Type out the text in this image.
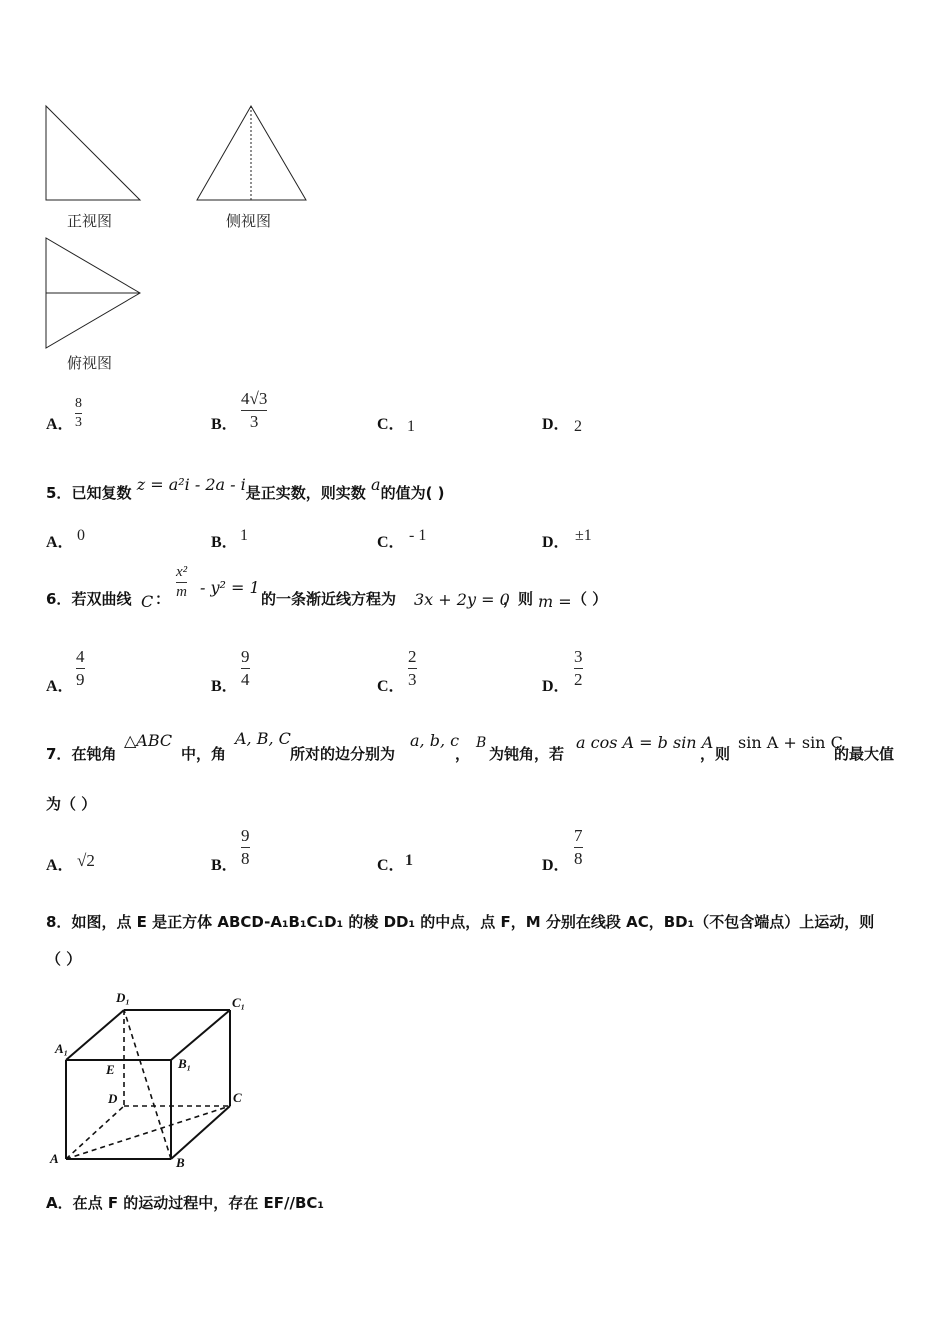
正视图	侧视图
俯视图
A．
8
3	B．
4√3
3	C． 1	D． 2
5．已知复数 z = a²i - 2a - i是正实数，则实数 a的值为( )
A． 0	B． 1	C． - 1	D． ±1
6．若双曲线 C ：
x²
m - y² = 1
的一条渐近线方程为 3x + 2y = 0
，则 m = （ ）
A．
4
9	B．
9
4	C．
2
3	D．
3
2
7．在钝角
△ABC
中，角
A, B, C
所对的边分别为
a, b, c
，
B
为钝角，若
a cos A = b sin A
，则
sin A + sin C
的最大值
为（ ）
A． √2	B．
9
8	C． 1	D．
7
8
8．如图，点 E 是正方体 ABCD-A₁B₁C₁D₁ 的棱 DD₁ 的中点，点 F，M 分别在线段 AC，BD₁（不包含端点）上运动，则
（ ）
D₁	C₁
A₁
B₁
E
D	C
A	B
A．在点 F 的运动过程中，存在 EF//BC₁
